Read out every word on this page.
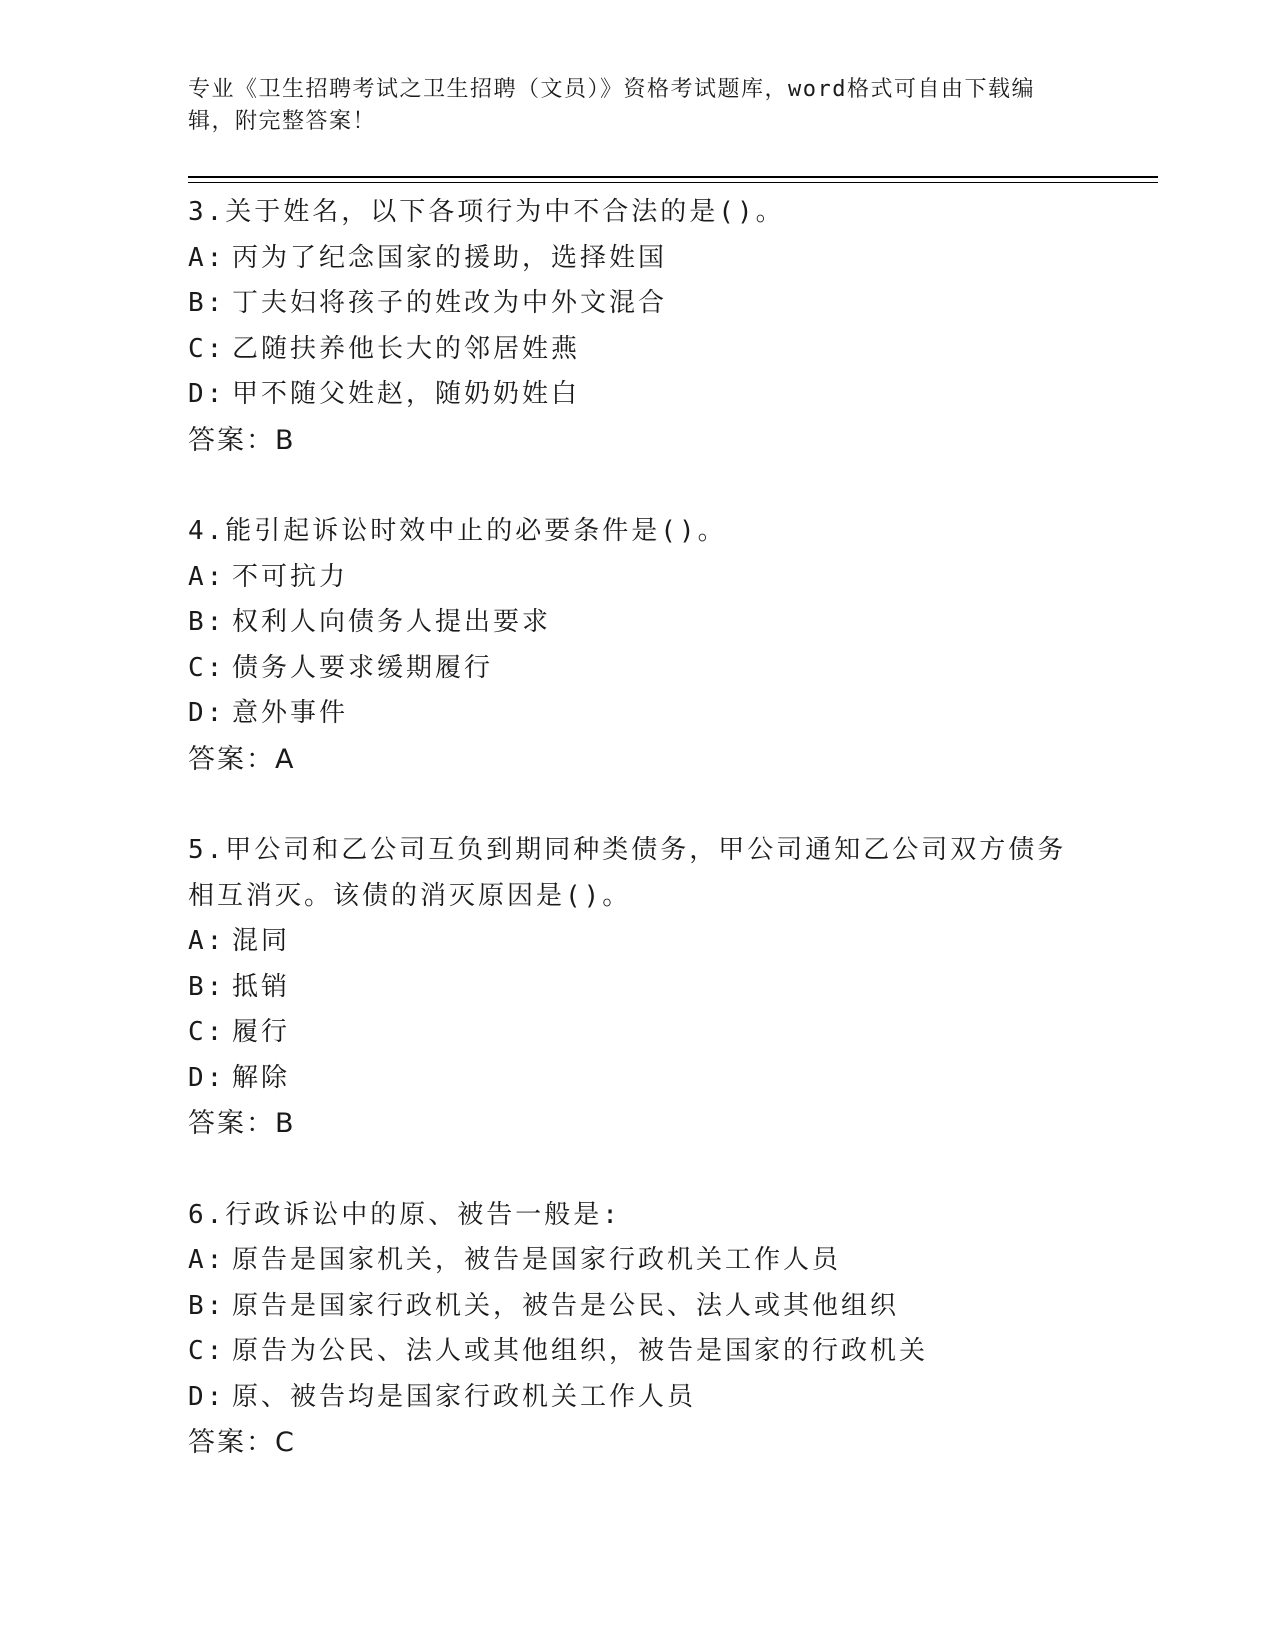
专业《卫生招聘考试之卫生招聘（文员）》资格考试题库，word格式可自由下载编辑，附完整答案！
3.关于姓名，以下各项行为中不合法的是()。
A: 丙为了纪念国家的援助，选择姓国
B: 丁夫妇将孩子的姓改为中外文混合
C: 乙随扶养他长大的邻居姓燕
D: 甲不随父姓赵，随奶奶姓白
答案：B
4.能引起诉讼时效中止的必要条件是()。
A: 不可抗力
B: 权利人向债务人提出要求
C: 债务人要求缓期履行
D: 意外事件
答案：A
5.甲公司和乙公司互负到期同种类债务，甲公司通知乙公司双方债务相互消灭。该债的消灭原因是()。
A: 混同
B: 抵销
C: 履行
D: 解除
答案：B
6.行政诉讼中的原、被告一般是:
A: 原告是国家机关，被告是国家行政机关工作人员
B: 原告是国家行政机关，被告是公民、法人或其他组织
C: 原告为公民、法人或其他组织，被告是国家的行政机关
D: 原、被告均是国家行政机关工作人员
答案：C
